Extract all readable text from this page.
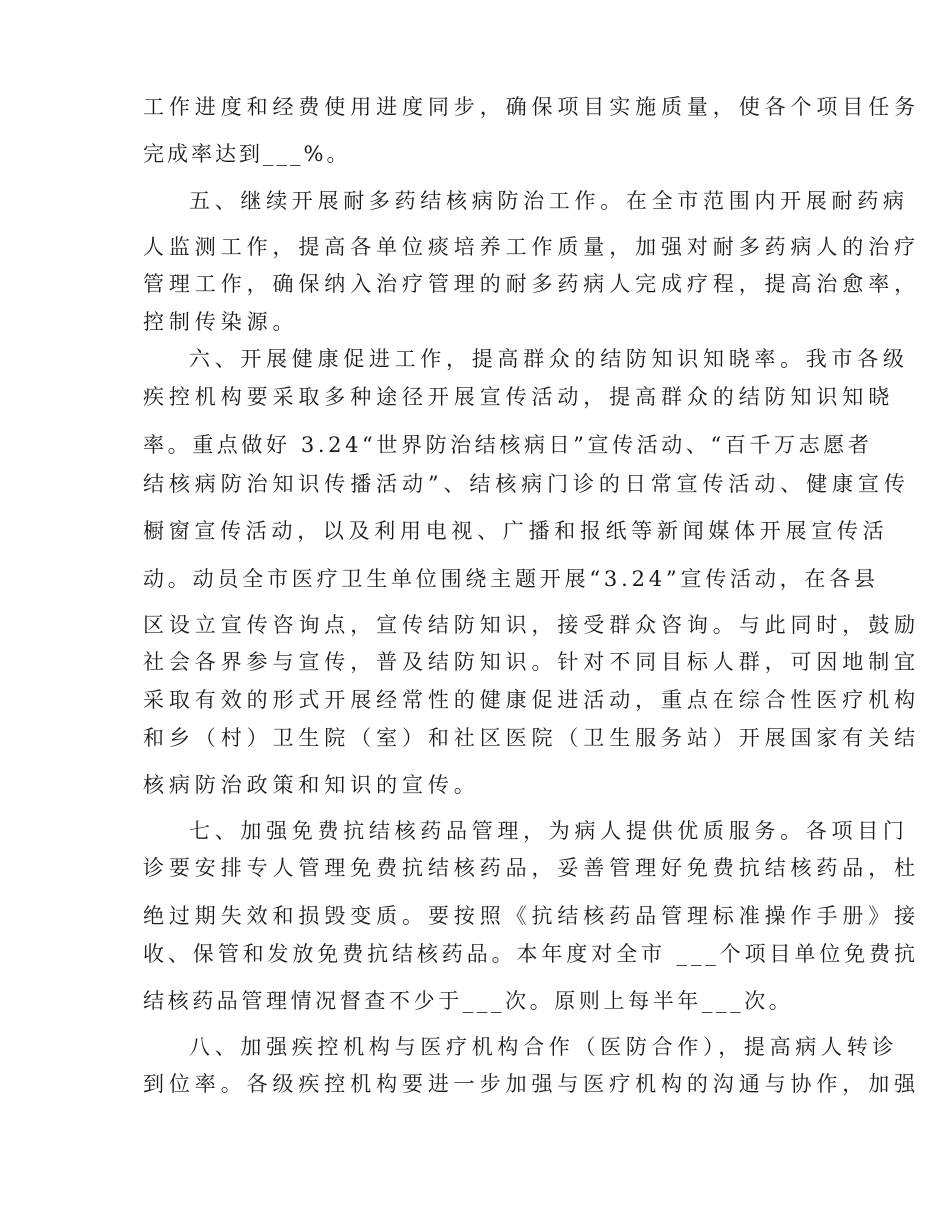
工作进度和经费使用进度同步，确保项目实施质量，使各个项目任务
完成率达到___%。
五、继续开展耐多药结核病防治工作。在全市范围内开展耐药病
人监测工作，提高各单位痰培养工作质量，加强对耐多药病人的治疗
管理工作，确保纳入治疗管理的耐多药病人完成疗程，提高治愈率，
控制传染源。
六、开展健康促进工作，提高群众的结防知识知晓率。我市各级
疾控机构要采取多种途径开展宣传活动，提高群众的结防知识知晓
率。重点做好 3.24“世界防治结核病日”宣传活动、“百千万志愿者
结核病防治知识传播活动”、结核病门诊的日常宣传活动、健康宣传
橱窗宣传活动，以及利用电视、广播和报纸等新闻媒体开展宣传活
动。动员全市医疗卫生单位围绕主题开展“3.24”宣传活动，在各县
区设立宣传咨询点，宣传结防知识，接受群众咨询。与此同时，鼓励
社会各界参与宣传，普及结防知识。针对不同目标人群，可因地制宜
采取有效的形式开展经常性的健康促进活动，重点在综合性医疗机构
和乡（村）卫生院（室）和社区医院（卫生服务站）开展国家有关结
核病防治政策和知识的宣传。
七、加强免费抗结核药品管理，为病人提供优质服务。各项目门
诊要安排专人管理免费抗结核药品，妥善管理好免费抗结核药品，杜
绝过期失效和损毁变质。要按照《抗结核药品管理标准操作手册》接
收、保管和发放免费抗结核药品。本年度对全市 ___个项目单位免费抗
结核药品管理情况督查不少于___次。原则上每半年___次。
八、加强疾控机构与医疗机构合作（医防合作），提高病人转诊
到位率。各级疾控机构要进一步加强与医疗机构的沟通与协作，加强
